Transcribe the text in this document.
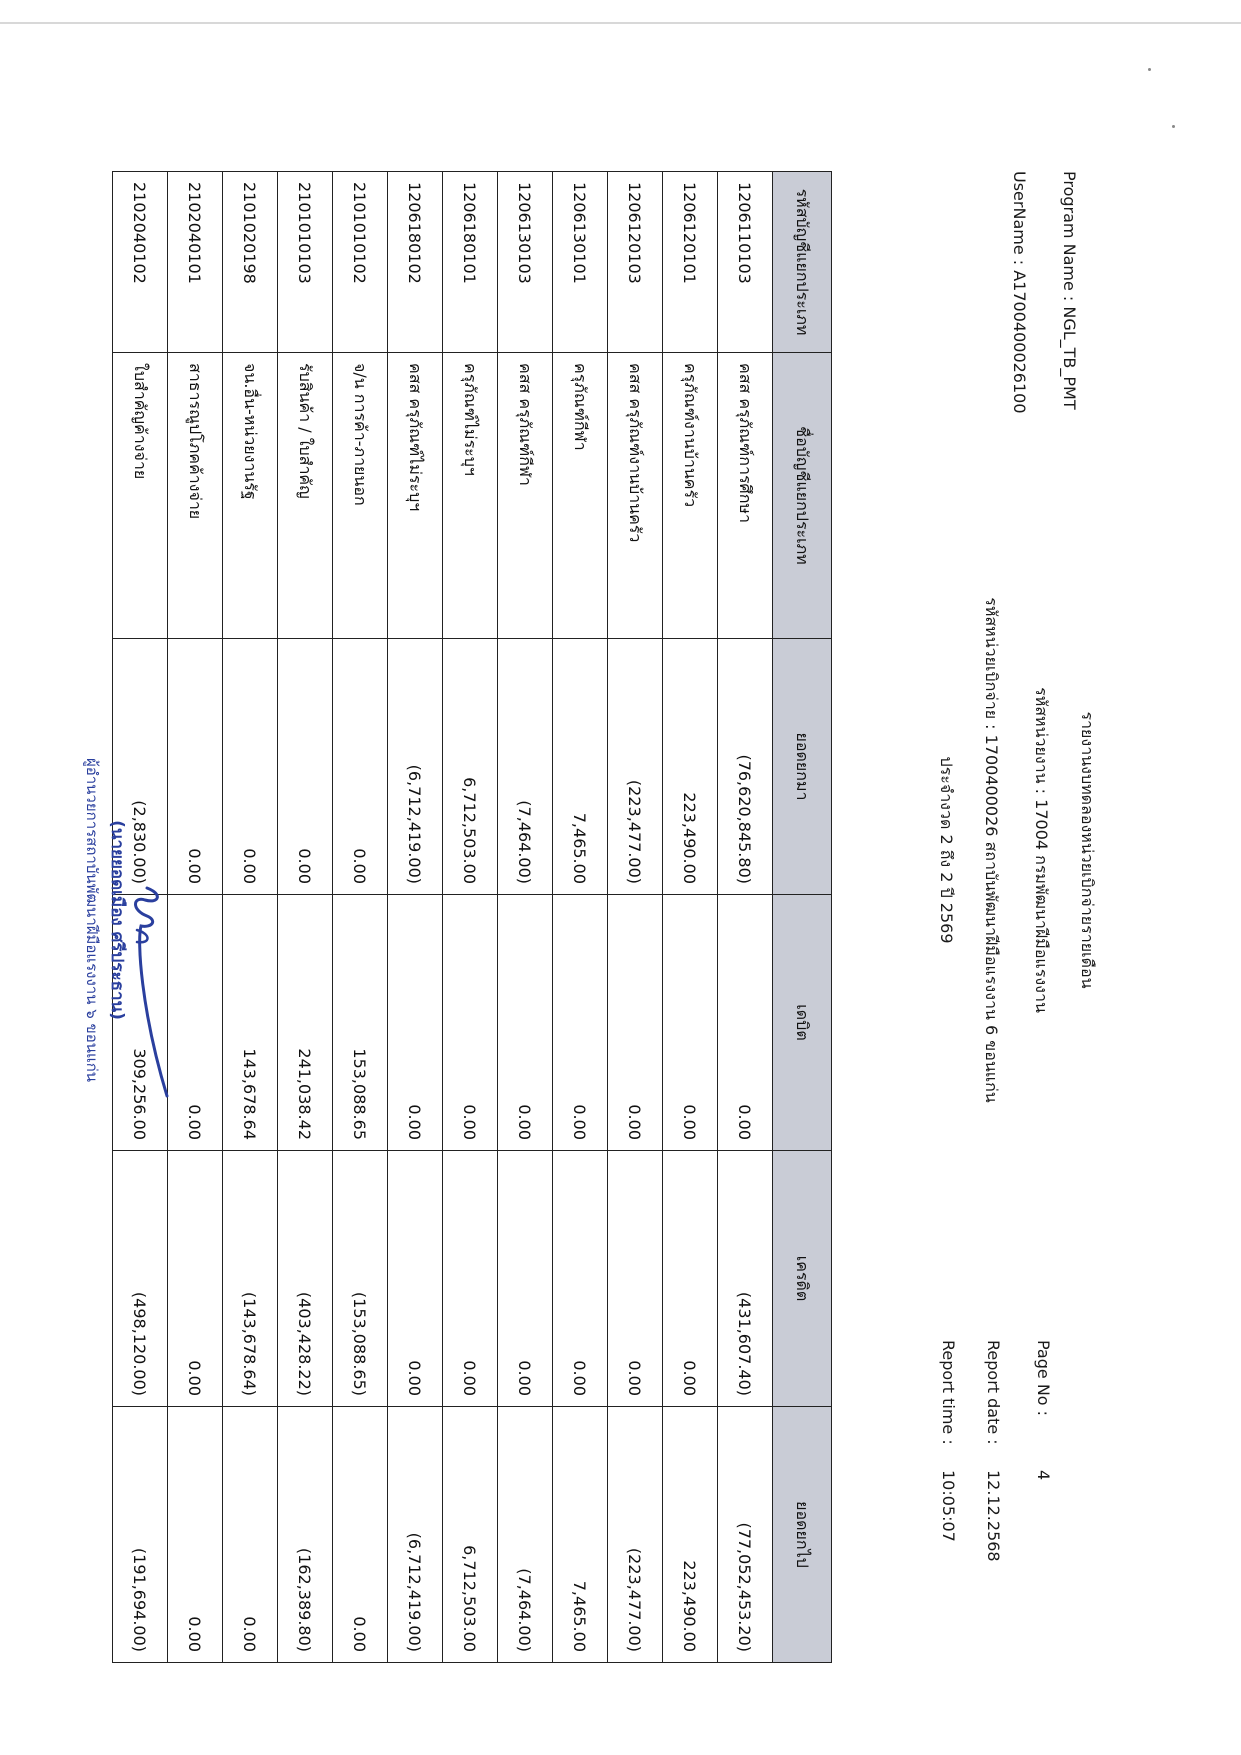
Program Name : NGL_TB_PMT
UserName : A1700400026100
รายงานงบทดลองหน่วยเบิกจ่ายรายเดือน
รหัสหน่วยงาน : 17004 กรมพัฒนาฝีมือแรงงาน
รหัสหน่วยเบิกจ่าย : 1700400026 สถาบันพัฒนาฝีมือแรงงาน 6 ขอนแก่น
ประจำงวด 2 ถึง 2 ปี 2569
Page No :
4
Report date :
12.12.2568
Report time :
10:05:07
รหัสบัญชีแยกประเภท	ชื่อบัญชีแยกประเภท	ยอดยกมา	เดบิต	เครดิต	ยอดยกไป
1206110103	คสส ครุภัณฑ์การศึกษา	(76,620,845.80)	0.00	(431,607.40)	(77,052,453.20)
1206120101	ครุภัณฑ์งานบ้านครัว	223,490.00	0.00	0.00	223,490.00
1206120103	คสส ครุภัณฑ์งานบ้านครัว	(223,477.00)	0.00	0.00	(223,477.00)
1206130101	ครุภัณฑ์กีฬา	7,465.00	0.00	0.00	7,465.00
1206130103	คสส ครุภัณฑ์กีฬา	(7,464.00)	0.00	0.00	(7,464.00)
1206180101	ครุภัณฑ์ไม่ระบุฯ	6,712,503.00	0.00	0.00	6,712,503.00
1206180102	คสส ครุภัณฑ์ไม่ระบุฯ	(6,712,419.00)	0.00	0.00	(6,712,419.00)
2101010102	จ/น การค้า-ภายนอก	0.00	153,088.65	(153,088.65)	0.00
2101010103	รับสินค้า / ใบสำคัญ	0.00	241,038.42	(403,428.22)	(162,389.80)
2101020198	จน.อื่น-หน่วยงานรัฐ	0.00	143,678.64	(143,678.64)	0.00
2102040101	สาธารณูปโภคค้างจ่าย	0.00	0.00	0.00	0.00
2102040102	ใบสำคัญค้างจ่าย	(2,830.00)	309,256.00	(498,120.00)	(191,694.00)
(นายยอดเมือง ศรีประธาน)
ผู้อำนวยการสถาบันพัฒนาฝีมือแรงงาน ๖ ขอนแก่น
